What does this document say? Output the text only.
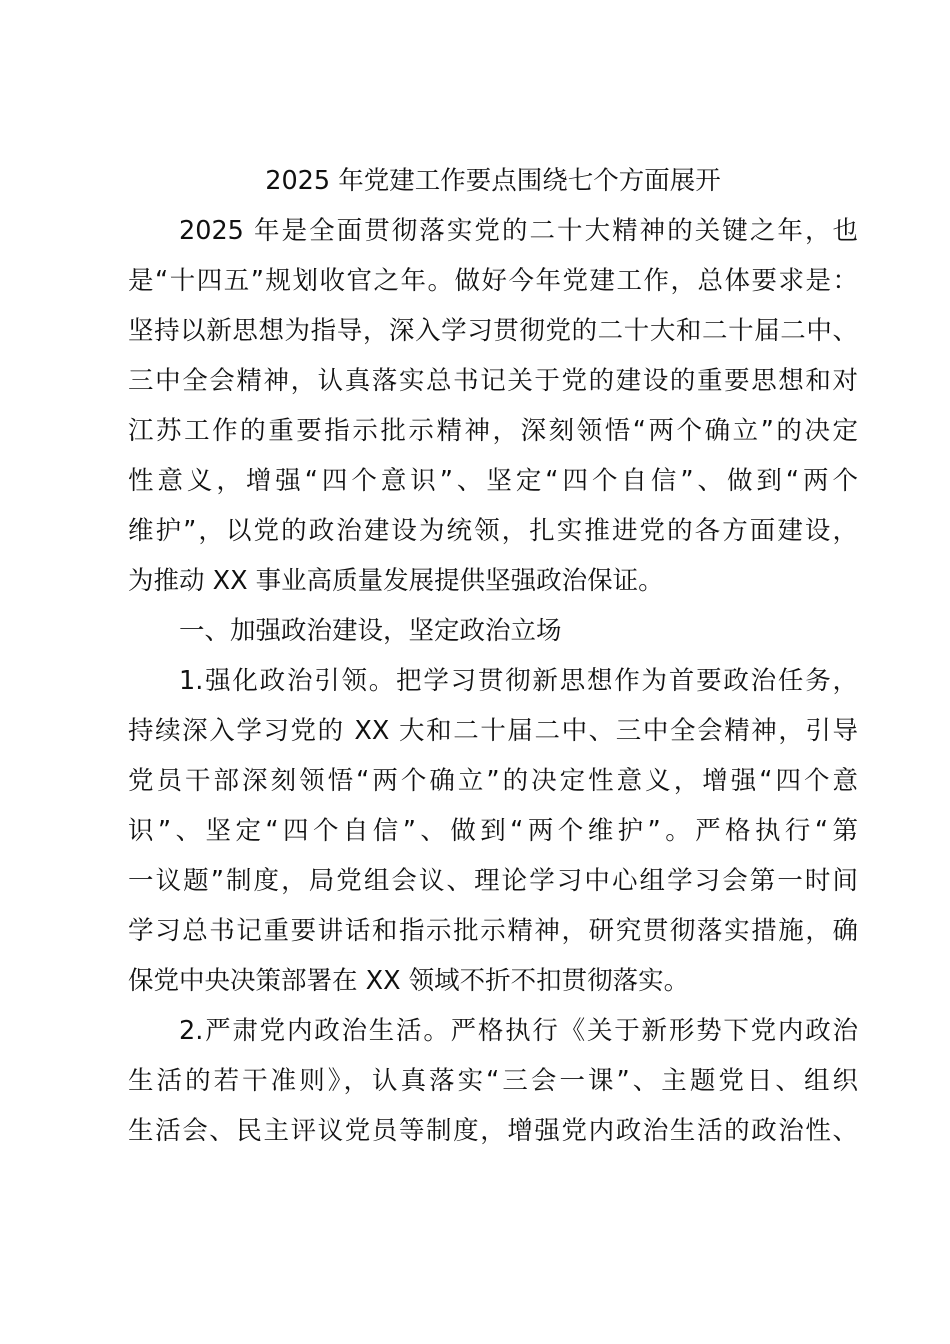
2025 年党建工作要点围绕七个方面展开
2025 年是全面贯彻落实党的二十大精神的关键之年，也
是“十四五”规划收官之年。做好今年党建工作，总体要求是：
坚持以新思想为指导，深入学习贯彻党的二十大和二十届二中、
三中全会精神，认真落实总书记关于党的建设的重要思想和对
江苏工作的重要指示批示精神，深刻领悟“两个确立”的决定
性意义，增强“四个意识”、坚定“四个自信”、做到“两个
维护”，以党的政治建设为统领，扎实推进党的各方面建设，
为推动 XX 事业高质量发展提供坚强政治保证。
一、加强政治建设，坚定政治立场
1.强化政治引领。把学习贯彻新思想作为首要政治任务，
持续深入学习党的 XX 大和二十届二中、三中全会精神，引导
党员干部深刻领悟“两个确立”的决定性意义，增强“四个意
识”、坚定“四个自信”、做到“两个维护”。严格执行“第
一议题”制度，局党组会议、理论学习中心组学习会第一时间
学习总书记重要讲话和指示批示精神，研究贯彻落实措施，确
保党中央决策部署在 XX 领域不折不扣贯彻落实。
2.严肃党内政治生活。严格执行《关于新形势下党内政治
生活的若干准则》，认真落实“三会一课”、主题党日、组织
生活会、民主评议党员等制度，增强党内政治生活的政治性、
